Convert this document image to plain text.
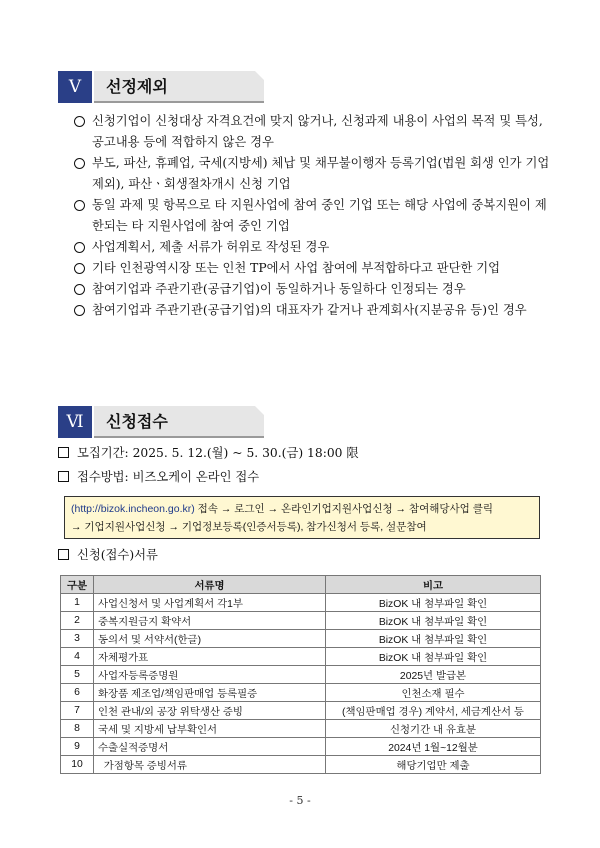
Ⅴ	선정제외
신청기업이 신청대상 자격요건에 맞지 않거나, 신청과제 내용이 사업의 목적 및 특성, 공고내용 등에 적합하지 않은 경우
부도, 파산, 휴폐업, 국세(지방세) 체납 및 채무불이행자 등록기업(법원 회생 인가 기업 제외), 파산ㆍ회생절차개시 신청 기업
동일 과제 및 항목으로 타 지원사업에 참여 중인 기업 또는 해당 사업에 중복지원이 제한되는 타 지원사업에 참여 중인 기업
사업계획서, 제출 서류가 허위로 작성된 경우
기타 인천광역시장 또는 인천 TP에서 사업 참여에 부적합하다고 판단한 기업
참여기업과 주관기관(공급기업)이 동일하거나 동일하다 인정되는 경우
참여기업과 주관기관(공급기업)의 대표자가 같거나 관계회사(지분공유 등)인 경우
Ⅵ	신청접수
모집기간: 2025. 5. 12.(월) ~ 5. 30.(금) 18:00 限
접수방법: 비즈오케이 온라인 접수
(http://bizok.incheon.go.kr) 접속 → 로그인 → 온라인기업지원사업신청 → 참여해당사업 클릭
→ 기업지원사업신청 → 기업정보등록(인증서등록), 참가신청서 등록, 설문참여
신청(접수)서류
구분	서류명	비고
1	사업신청서 및 사업계획서 각1부	BizOK 내 첨부파일 확인
2	중복지원금지 확약서	BizOK 내 첨부파일 확인
3	동의서 및 서약서(한글)	BizOK 내 첨부파일 확인
4	자체평가표	BizOK 내 첨부파일 확인
5	사업자등록증명원	2025년 발급본
6	화장품 제조업/책임판매업 등록필증	인천소재 필수
7	인천 관내/외 공장 위탁생산 증빙	(책임판매업 경우) 계약서, 세금계산서 등
8	국세 및 지방세 납부확인서	신청기간 내 유효분
9	수출실적증명서	2024년 1월~12월분
10	가점항목 증빙서류	해당기업만 제출
- 5 -
